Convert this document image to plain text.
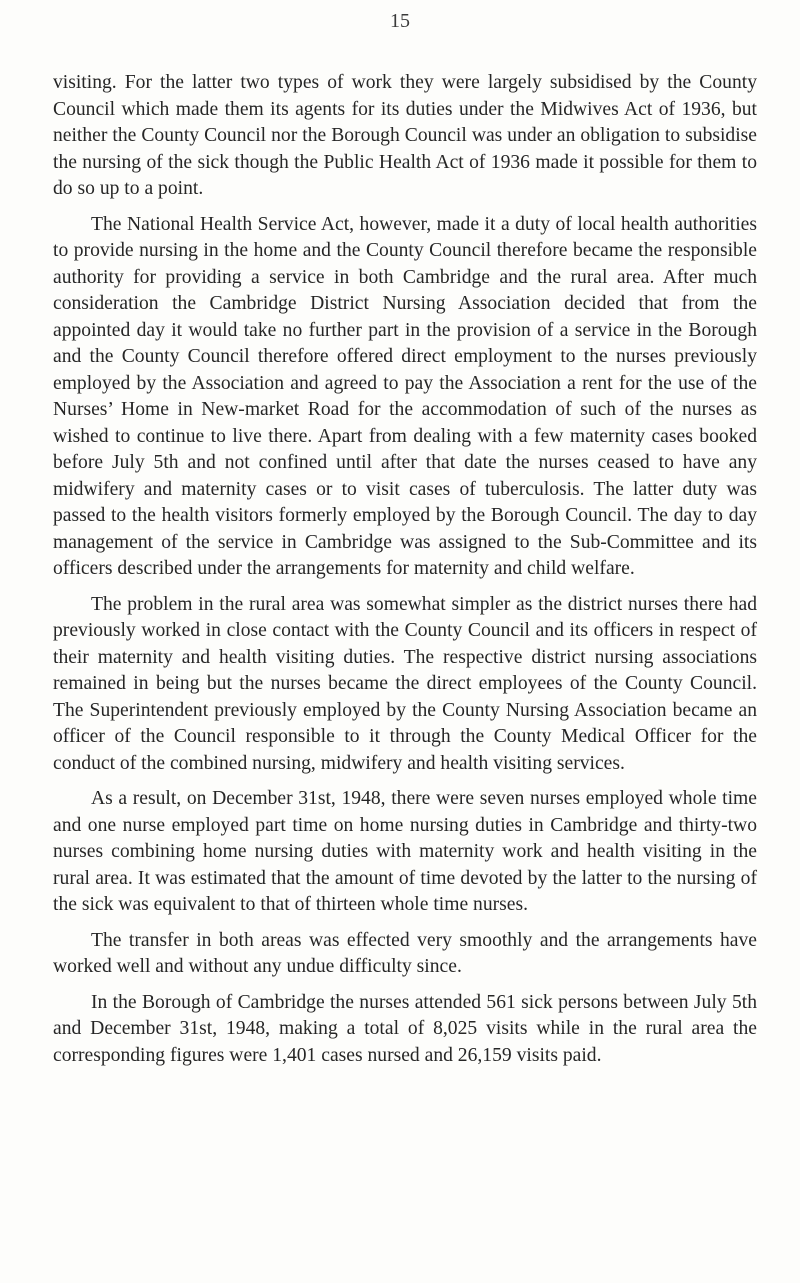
15

visiting. For the latter two types of work they were largely subsidised by the County Council which made them its agents for its duties under the Midwives Act of 1936, but neither the County Council nor the Borough Council was under an obligation to subsidise the nursing of the sick though the Public Health Act of 1936 made it possible for them to do so up to a point.

The National Health Service Act, however, made it a duty of local health authorities to provide nursing in the home and the County Council therefore became the responsible authority for providing a service in both Cambridge and the rural area. After much consideration the Cambridge District Nursing Association decided that from the appointed day it would take no further part in the provision of a service in the Borough and the County Council therefore offered direct employment to the nurses previously employed by the Association and agreed to pay the Association a rent for the use of the Nurses’ Home in New-market Road for the accommodation of such of the nurses as wished to continue to live there. Apart from dealing with a few maternity cases booked before July 5th and not confined until after that date the nurses ceased to have any midwifery and maternity cases or to visit cases of tuberculosis. The latter duty was passed to the health visitors formerly employed by the Borough Council. The day to day management of the service in Cambridge was assigned to the Sub-Committee and its officers described under the arrangements for maternity and child welfare.

The problem in the rural area was somewhat simpler as the district nurses there had previously worked in close contact with the County Council and its officers in respect of their maternity and health visiting duties. The respective district nursing associations remained in being but the nurses became the direct employees of the County Council. The Superintendent previously employed by the County Nursing Association became an officer of the Council responsible to it through the County Medical Officer for the conduct of the combined nursing, midwifery and health visiting services.

As a result, on December 31st, 1948, there were seven nurses employed whole time and one nurse employed part time on home nursing duties in Cambridge and thirty-two nurses combining home nursing duties with maternity work and health visiting in the rural area. It was estimated that the amount of time devoted by the latter to the nursing of the sick was equivalent to that of thirteen whole time nurses.

The transfer in both areas was effected very smoothly and the arrangements have worked well and without any undue difficulty since.

In the Borough of Cambridge the nurses attended 561 sick persons between July 5th and December 31st, 1948, making a total of 8,025 visits while in the rural area the corresponding figures were 1,401 cases nursed and 26,159 visits paid.
